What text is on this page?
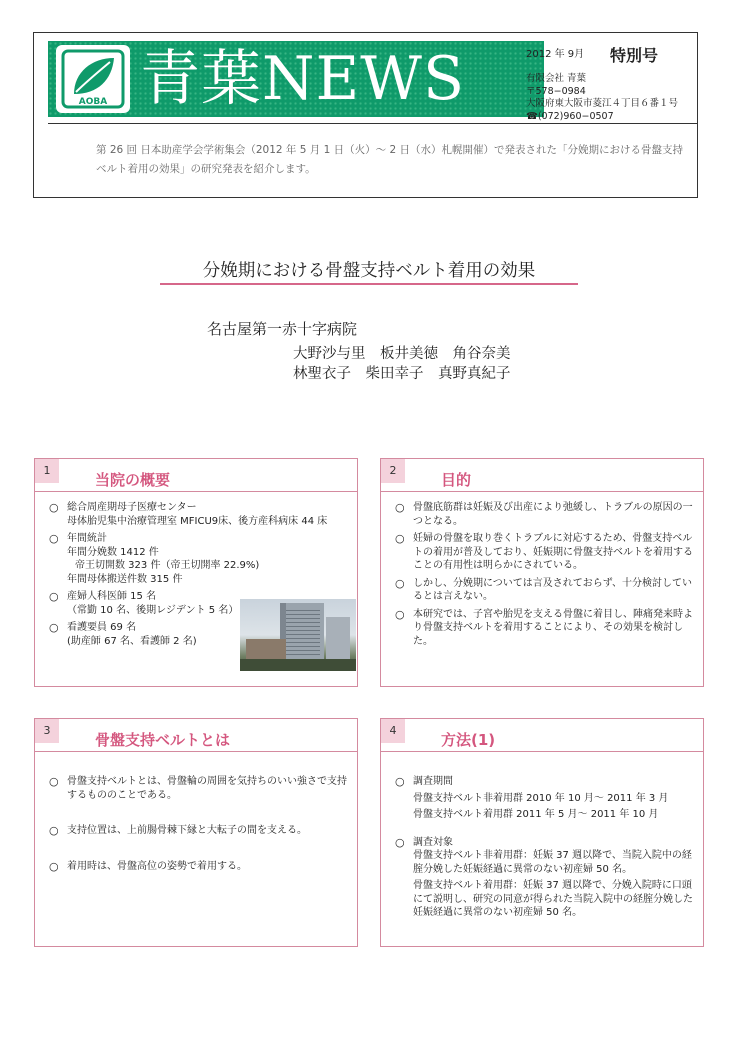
AOBA 青葉NEWS	2012 年 9月 特別号
有限会社 青葉
〒578−0984
大阪府東大阪市菱江４丁目６番１号
☎(072)960−0507
第 26 回 日本助産学会学術集会（2012 年 5 月 1 日（火）〜 2 日（水）札幌開催）で発表された「分娩期における骨盤支持ベルト着用の効果」の研究発表を紹介します。
分娩期における骨盤支持ベルト着用の効果
名古屋第一赤十字病院
大野沙与里　板井美徳　角谷奈美
林聖衣子　柴田幸子　真野真紀子
1
当院の概要
○ 総合周産期母子医療センター
母体胎児集中治療管理室 MFICU9床、後方産科病床 44 床
○ 年間統計
年間分娩数 1412 件
帝王切開数 323 件（帝王切開率 22.9%)
年間母体搬送件数 315 件
○ 産婦人科医師 15 名
（常勤 10 名、後期レジデント 5 名）
○ 看護要員 69 名
(助産師 67 名、看護師 2 名)
2
目的
○ 骨盤底筋群は妊娠及び出産により弛緩し、トラブルの原因の一つとなる。
○ 妊婦の骨盤を取り巻くトラブルに対応するため、骨盤支持ベルトの着用が普及しており、妊娠期に骨盤支持ベルトを着用することの有用性は明らかにされている。
○ しかし、分娩期については言及されておらず、十分検討しているとは言えない。
○ 本研究では、子宮や胎児を支える骨盤に着目し、陣痛発来時より骨盤支持ベルトを着用することにより、その効果を検討した。
3
骨盤支持ベルトとは
○ 骨盤支持ベルトとは、骨盤輪の周囲を気持ちのいい強さで支持するもののことである。
○ 支持位置は、上前腸骨棘下縁と大転子の間を支える。
○ 着用時は、骨盤高位の姿勢で着用する。
4
方法(1)
○ 調査期間
骨盤支持ベルト非着用群 2010 年 10 月〜 2011 年 3 月
骨盤支持ベルト着用群 2011 年 5 月〜 2011 年 10 月
○ 調査対象
骨盤支持ベルト非着用群：妊娠 37 週以降で、当院入院中の経腟分娩した妊娠経過に異常のない初産婦 50 名。
骨盤支持ベルト着用群：妊娠 37 週以降で、分娩入院時に口頭にて説明し、研究の同意が得られた当院入院中の経腟分娩した妊娠経過に異常のない初産婦 50 名。
